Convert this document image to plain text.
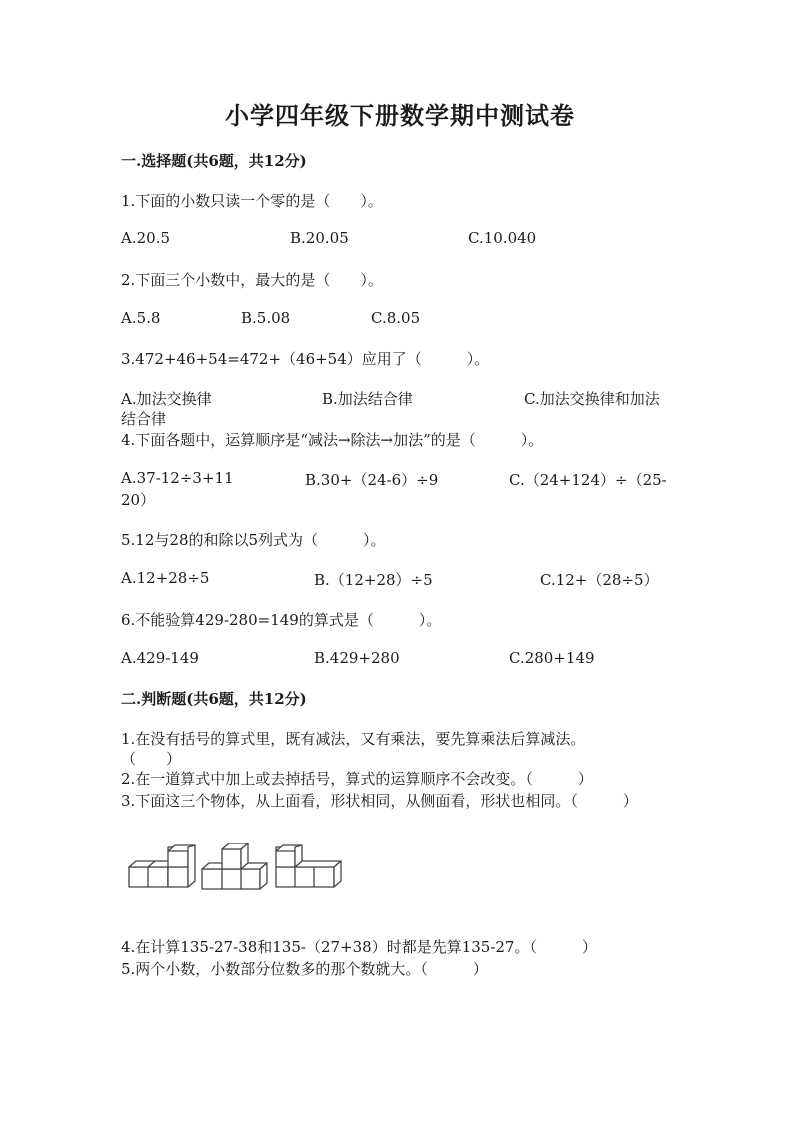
小学四年级下册数学期中测试卷
一.选择题(共6题，共12分)
1.下面的小数只读一个零的是（　　）。
A.20.5	B.20.05	C.10.040
2.下面三个小数中，最大的是（　　）。
A.5.8	B.5.08	C.8.05
3.472+46+54=472+（46+54）应用了（　　　）。
A.加法交换律	B.加法结合律	C.加法交换律和加法
结合律
4.下面各题中，运算顺序是“减法→除法→加法”的是（　　　）。
A.37-12÷3+11	B.30+（24-6）÷9	C.（24+124）÷（25-
20）
5.12与28的和除以5列式为（　　　）。
A.12+28÷5	B.（12+28）÷5	C.12+（28÷5）
6.不能验算429-280=149的算式是（　　　）。
A.429-149	B.429+280	C.280+149
二.判断题(共6题，共12分)
1.在没有括号的算式里，既有减法，又有乘法，要先算乘法后算减法。
（　　）
2.在一道算式中加上或去掉括号，算式的运算顺序不会改变。（　　　）
3.下面这三个物体，从上面看，形状相同，从侧面看，形状也相同。（　　　）
4.在计算135-27-38和135-（27+38）时都是先算135-27。（　　　）
5.两个小数，小数部分位数多的那个数就大。（　　　）
